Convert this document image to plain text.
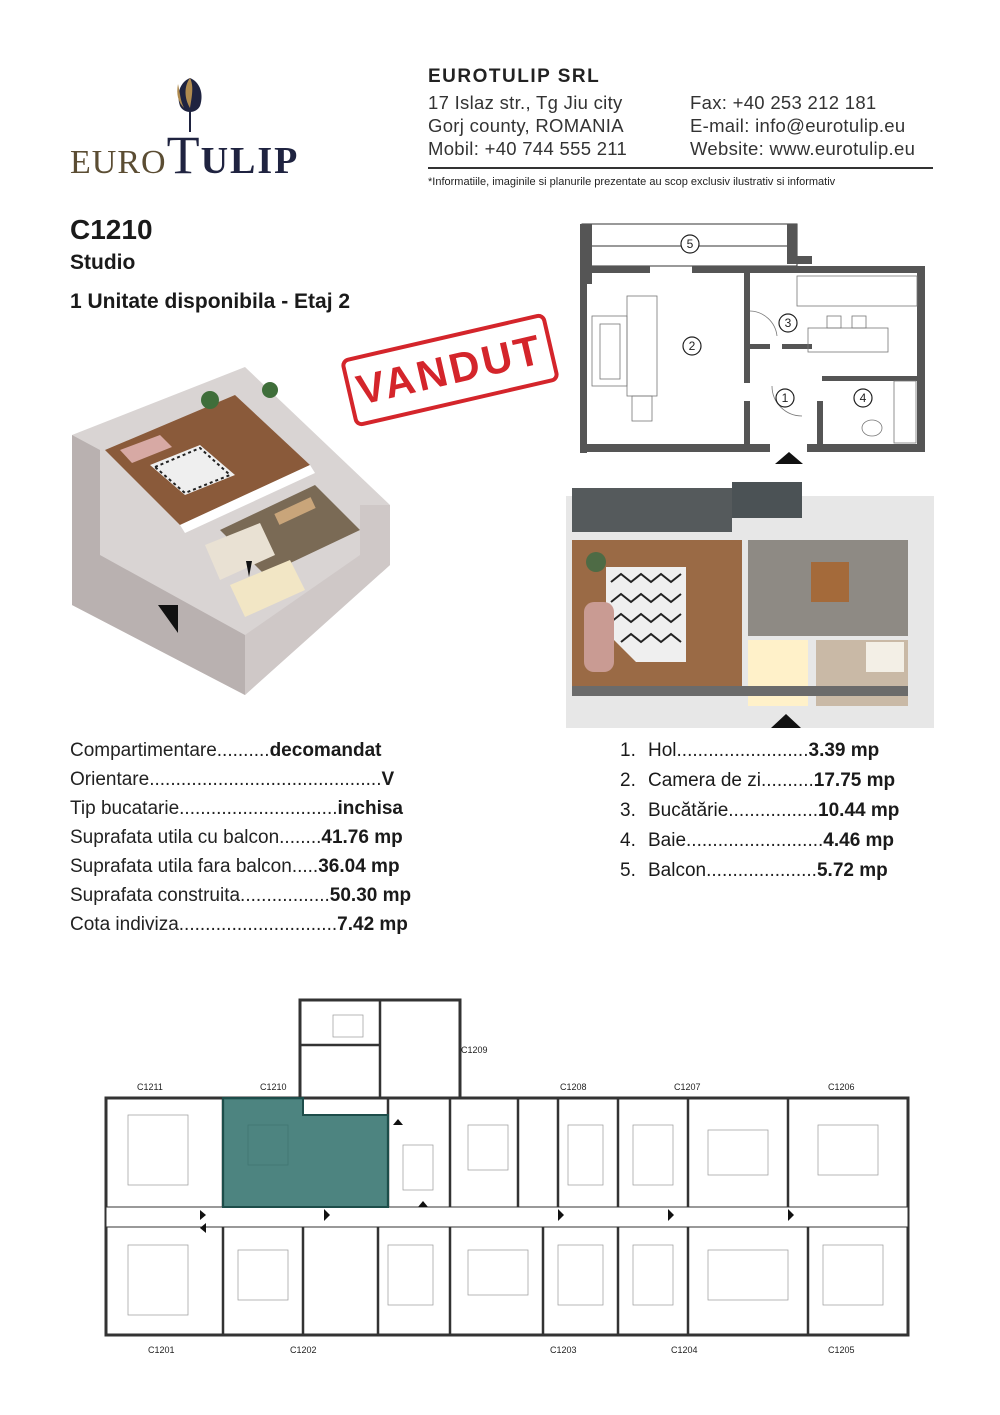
EUROTULIP
EUROTULIP SRL
17 Islaz str., Tg Jiu city	Fax: +40 253 212 181
Gorj county, ROMANIA	E-mail: info@eurotulip.eu
Mobil: +40 744 555 211	Website: www.eurotulip.eu
*Informatiile, imaginile si planurile prezentate au scop exclusiv ilustrativ si informativ
C1210
Studio
1 Unitate disponibila - Etaj 2
VANDUT
5
2
3
1	4
Compartimentare .......... decomandat
Orientare ............................................ V
Tip bucatarie .............................. inchisa
Suprafata utila cu balcon ........ 41.76 mp
Suprafata utila fara balcon ..... 36.04 mp
Suprafata construita ................. 50.30 mp
Cota indiviza .............................. 7.42 mp
1. Hol ......................... 3.39 mp
2. Camera de zi .......... 17.75 mp
3. Bucătărie ................. 10.44 mp
4. Baie .......................... 4.46 mp
5. Balcon ..................... 5.72 mp
C1211	C1210
C1209
C1208	C1207	C1206
C1201	C1202	C1203	C1204	C1205
